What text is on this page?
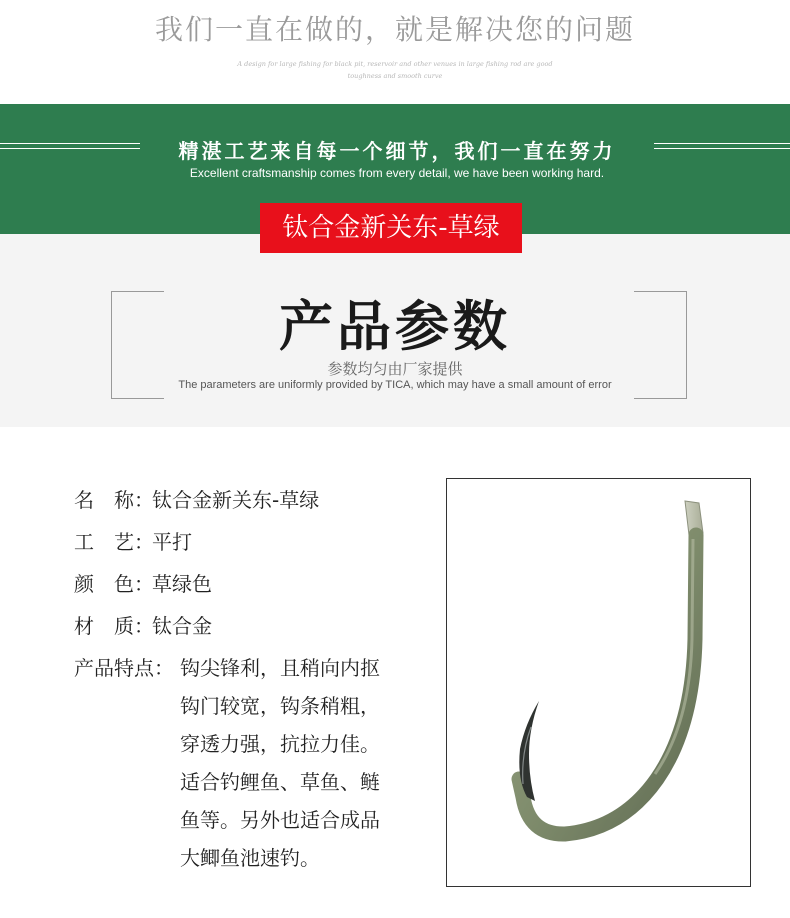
我们一直在做的，就是解决您的问题
A design for large fishing for black pit, reservoir and other venues in large fishing rod are good
toughness and smooth curve
精湛工艺来自每一个细节，我们一直在努力
Excellent craftsmanship comes from every detail, we have been working hard.
钛合金新关东-草绿
产品参数
参数均匀由厂家提供
The parameters are uniformly provided by TICA, which may have a small amount of error
名　称：钛合金新关东-草绿
工　艺：平打
颜　色：草绿色
材　质：钛合金
产品特点： 钩尖锋利，且稍向内抠
钩门较宽，钩条稍粗，
穿透力强，抗拉力佳。
适合钓鲤鱼、草鱼、鲢
鱼等。另外也适合成品
大鲫鱼池速钓。
